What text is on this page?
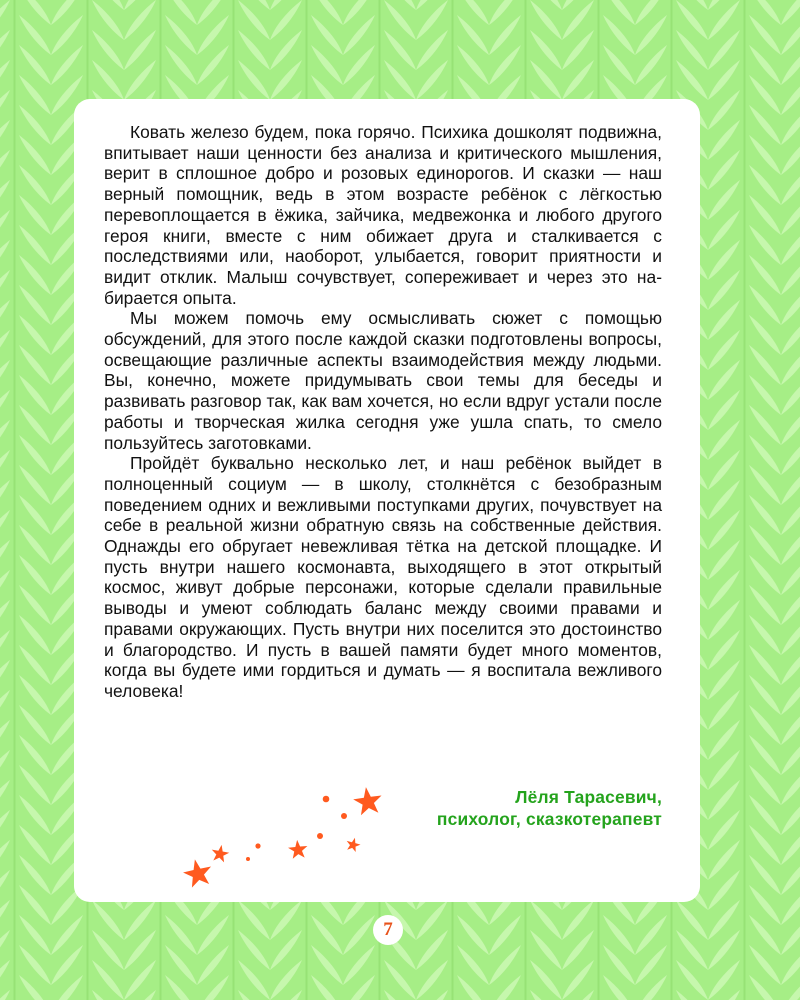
Ковать железо будем, пока горячо. Психика дошколят подвижна, впитывает наши ценности без анализа и критического мышления, верит в сплошное добро и розовых единорогов. И сказки — наш верный помощник, ведь в этом возрасте ребёнок с лёгкостью перевоплощается в ёжика, зайчика, медвежонка и любого другого героя книги, вместе с ним обижает друга и сталкивается с последствиями или, наоборот, улыбается, говорит приятности и видит отклик. Малыш сочувствует, сопереживает и через это набирается опыта.

Мы можем помочь ему осмысливать сюжет с помощью обсуждений, для этого после каждой сказки подготовлены вопросы, освещающие различные аспекты взаимодействия между людьми. Вы, конечно, можете придумывать свои темы для беседы и развивать разговор так, как вам хочется, но если вдруг устали после работы и творческая жилка сегодня уже ушла спать, то смело пользуйтесь заготовками.

Пройдёт буквально несколько лет, и наш ребёнок выйдет в полноценный социум — в школу, столкнётся с безобразным поведением одних и вежливыми поступками других, почувствует на себе в реальной жизни обратную связь на собственные действия. Однажды его обругает невежливая тётка на детской площадке. И пусть внутри нашего космонавта, выходящего в этот открытый космос, живут добрые персонажи, которые сделали правильные выводы и умеют соблюдать баланс между своими правами и правами окружающих. Пусть внутри них поселится это достоинство и благородство. И пусть в вашей памяти будет много моментов, когда вы будете ими гордиться и думать — я воспитала вежливого человека!

Лёля Тарасевич,
психолог, сказкотерапевт
7
